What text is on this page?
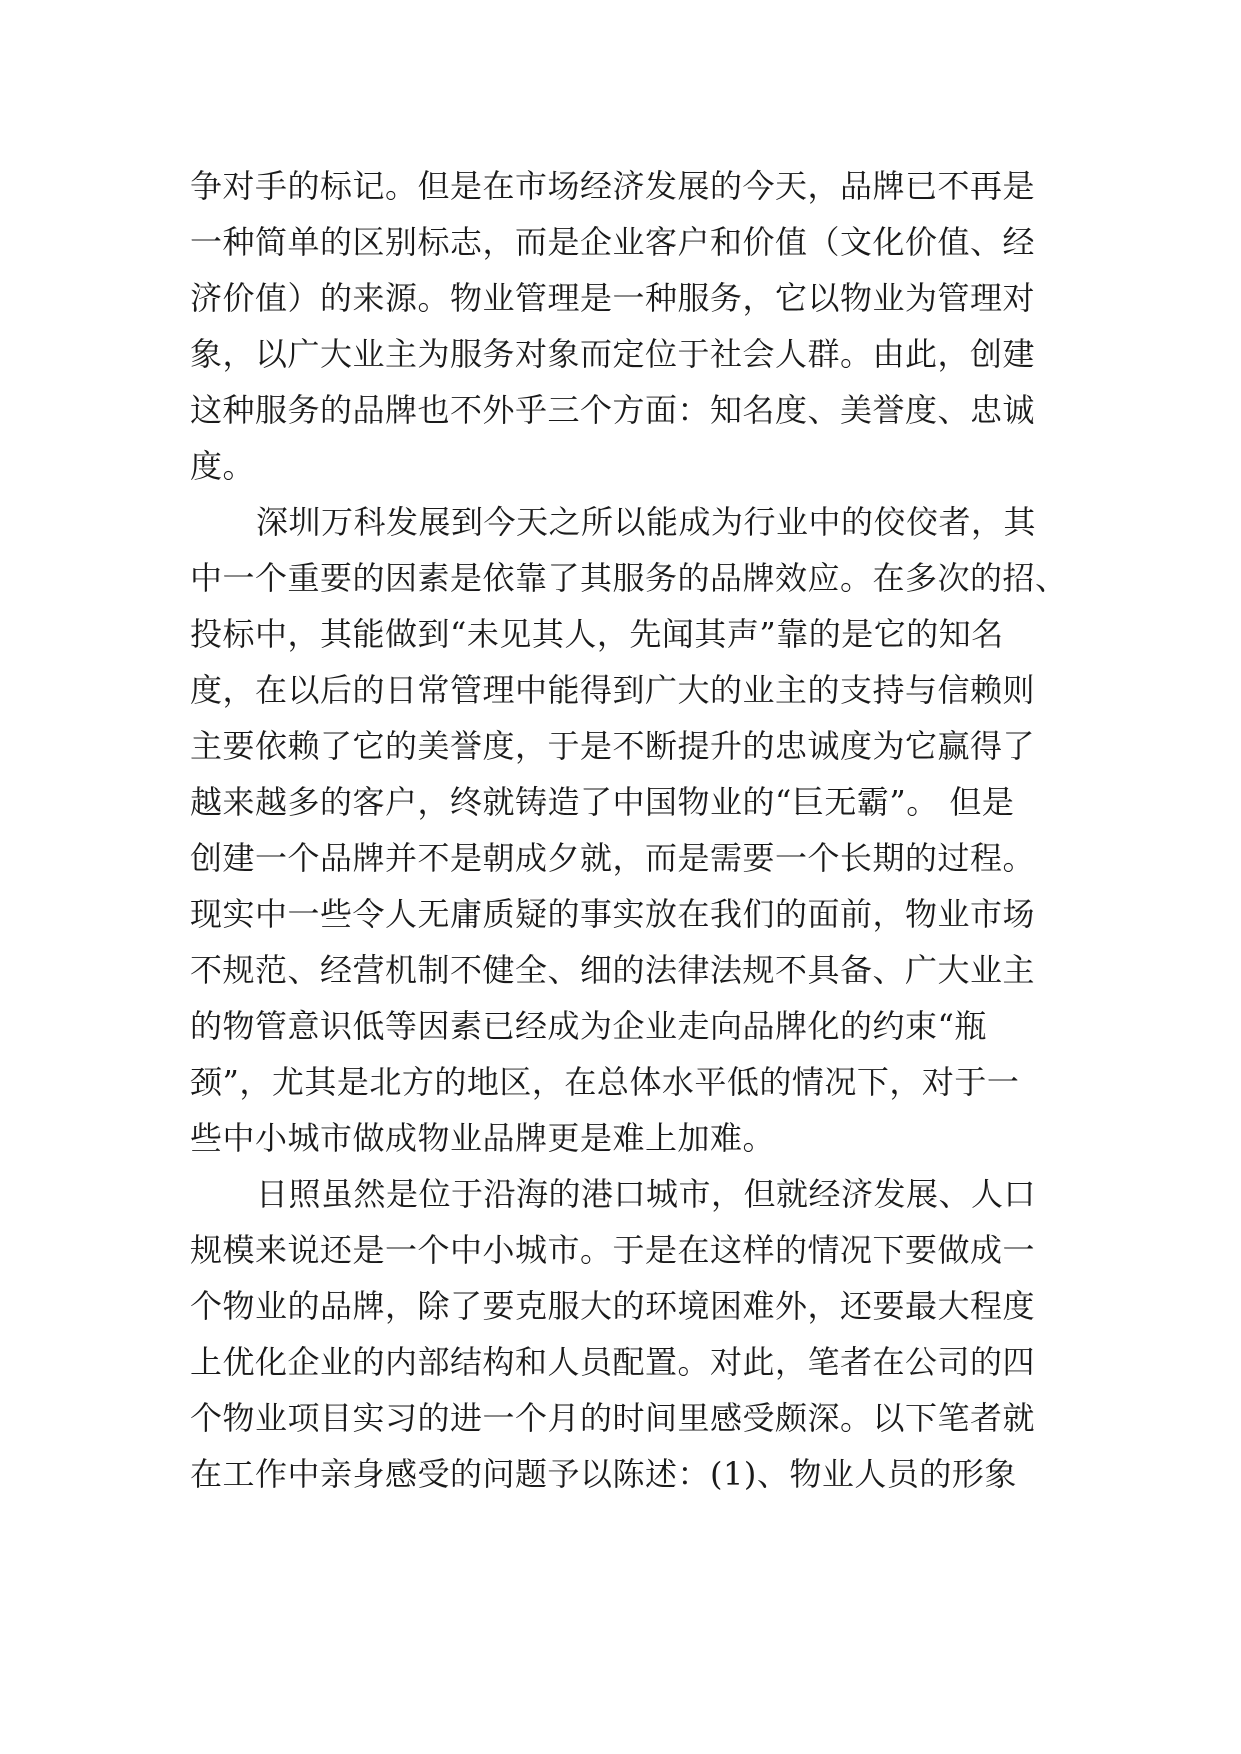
争对手的标记。但是在市场经济发展的今天，品牌已不再是
一种简单的区别标志，而是企业客户和价值（文化价值、经
济价值）的来源。物业管理是一种服务，它以物业为管理对
象，以广大业主为服务对象而定位于社会人群。由此，创建
这种服务的品牌也不外乎三个方面：知名度、美誉度、忠诚
度。
深圳万科发展到今天之所以能成为行业中的佼佼者，其
中一个重要的因素是依靠了其服务的品牌效应。在多次的招、
投标中，其能做到“未见其人，先闻其声”靠的是它的知名
度，在以后的日常管理中能得到广大的业主的支持与信赖则
主要依赖了它的美誉度，于是不断提升的忠诚度为它赢得了
越来越多的客户，终就铸造了中国物业的“巨无霸”。 但是
创建一个品牌并不是朝成夕就，而是需要一个长期的过程。
现实中一些令人无庸质疑的事实放在我们的面前，物业市场
不规范、经营机制不健全、细的法律法规不具备、广大业主
的物管意识低等因素已经成为企业走向品牌化的约束“瓶
颈”，尤其是北方的地区，在总体水平低的情况下，对于一
些中小城市做成物业品牌更是难上加难。
日照虽然是位于沿海的港口城市，但就经济发展、人口
规模来说还是一个中小城市。于是在这样的情况下要做成一
个物业的品牌，除了要克服大的环境困难外，还要最大程度
上优化企业的内部结构和人员配置。对此，笔者在公司的四
个物业项目实习的进一个月的时间里感受颇深。以下笔者就
在工作中亲身感受的问题予以陈述：(1)、物业人员的形象
